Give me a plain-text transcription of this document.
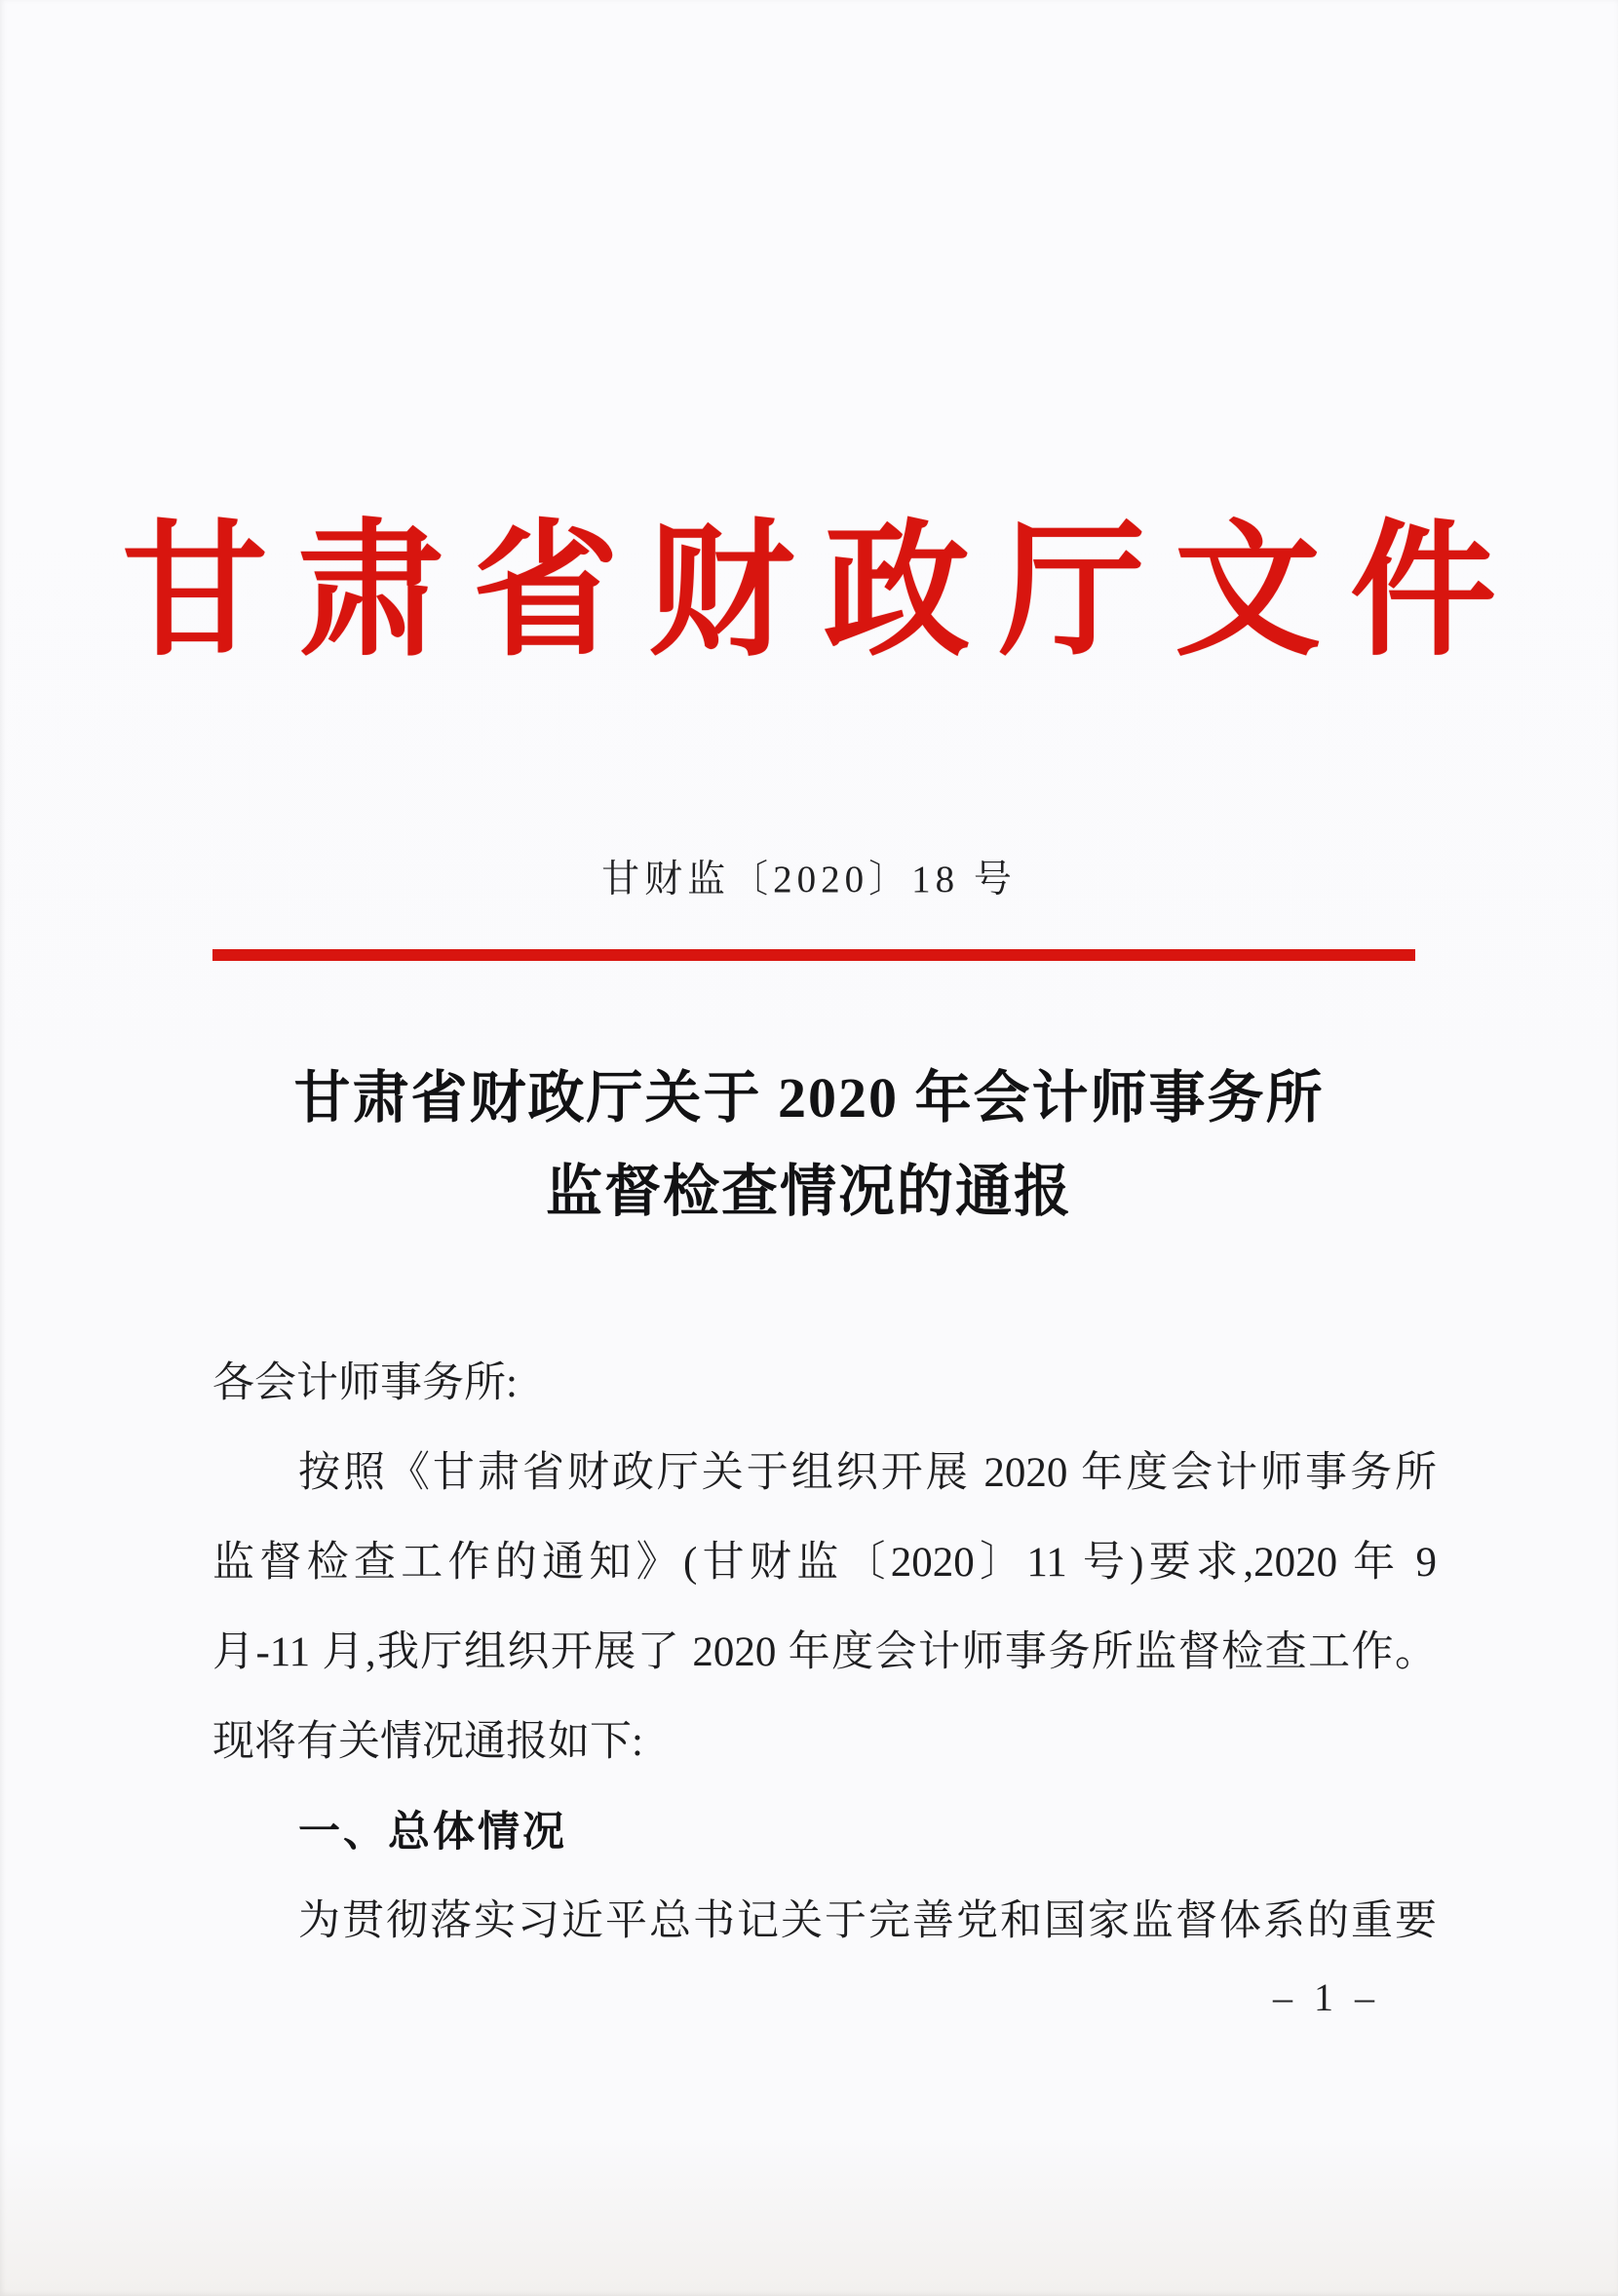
甘肃省财政厅文件
甘财监〔2020〕18 号
甘肃省财政厅关于 2020 年会计师事务所
监督检查情况的通报
各会计师事务所:
按照《甘肃省财政厅关于组织开展 2020 年度会计师事务所
监督检查工作的通知》(甘财监〔2020〕11 号)要求,2020 年 9
月-11 月,我厅组织开展了 2020 年度会计师事务所监督检查工作。
现将有关情况通报如下:
一、总体情况
为贯彻落实习近平总书记关于完善党和国家监督体系的重要
– 1 –
